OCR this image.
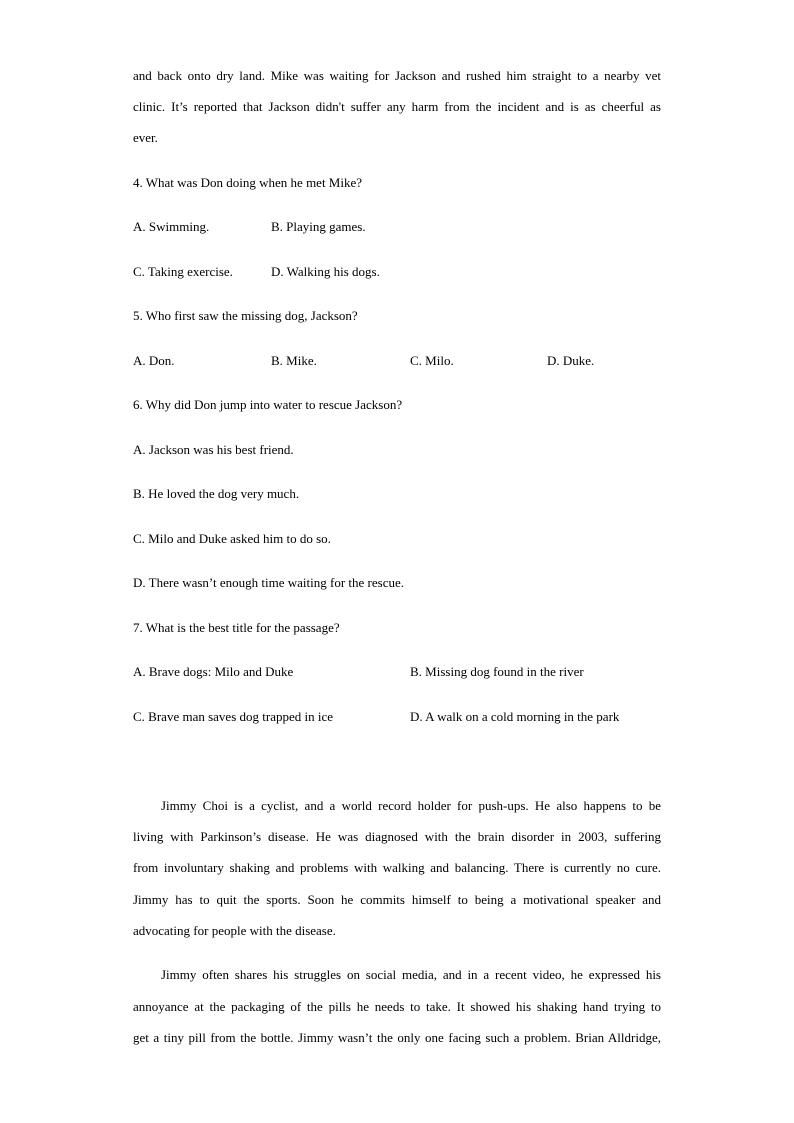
and back onto dry land. Mike was waiting for Jackson and rushed him straight to a nearby vet
clinic. It’s reported that Jackson didn't suffer any harm from the incident and is as cheerful as
ever.
4. What was Don doing when he met Mike?
A. Swimming.	B. Playing games.
C. Taking exercise.	D. Walking his dogs.
5. Who first saw the missing dog, Jackson?
A. Don.	B. Mike.	C. Milo.	D. Duke.
6. Why did Don jump into water to rescue Jackson?
A. Jackson was his best friend.
B. He loved the dog very much.
C. Milo and Duke asked him to do so.
D. There wasn’t enough time waiting for the rescue.
7. What is the best title for the passage?
A. Brave dogs: Milo and Duke	B. Missing dog found in the river
C. Brave man saves dog trapped in ice	D. A walk on a cold morning in the park
Jimmy Choi is a cyclist, and a world record holder for push-ups. He also happens to be
living with Parkinson’s disease. He was diagnosed with the brain disorder in 2003, suffering
from involuntary shaking and problems with walking and balancing. There is currently no cure.
Jimmy has to quit the sports. Soon he commits himself to being a motivational speaker and
advocating for people with the disease.
Jimmy often shares his struggles on social media, and in a recent video, he expressed his
annoyance at the packaging of the pills he needs to take. It showed his shaking hand trying to
get a tiny pill from the bottle. Jimmy wasn’t the only one facing such a problem. Brian Alldridge,
